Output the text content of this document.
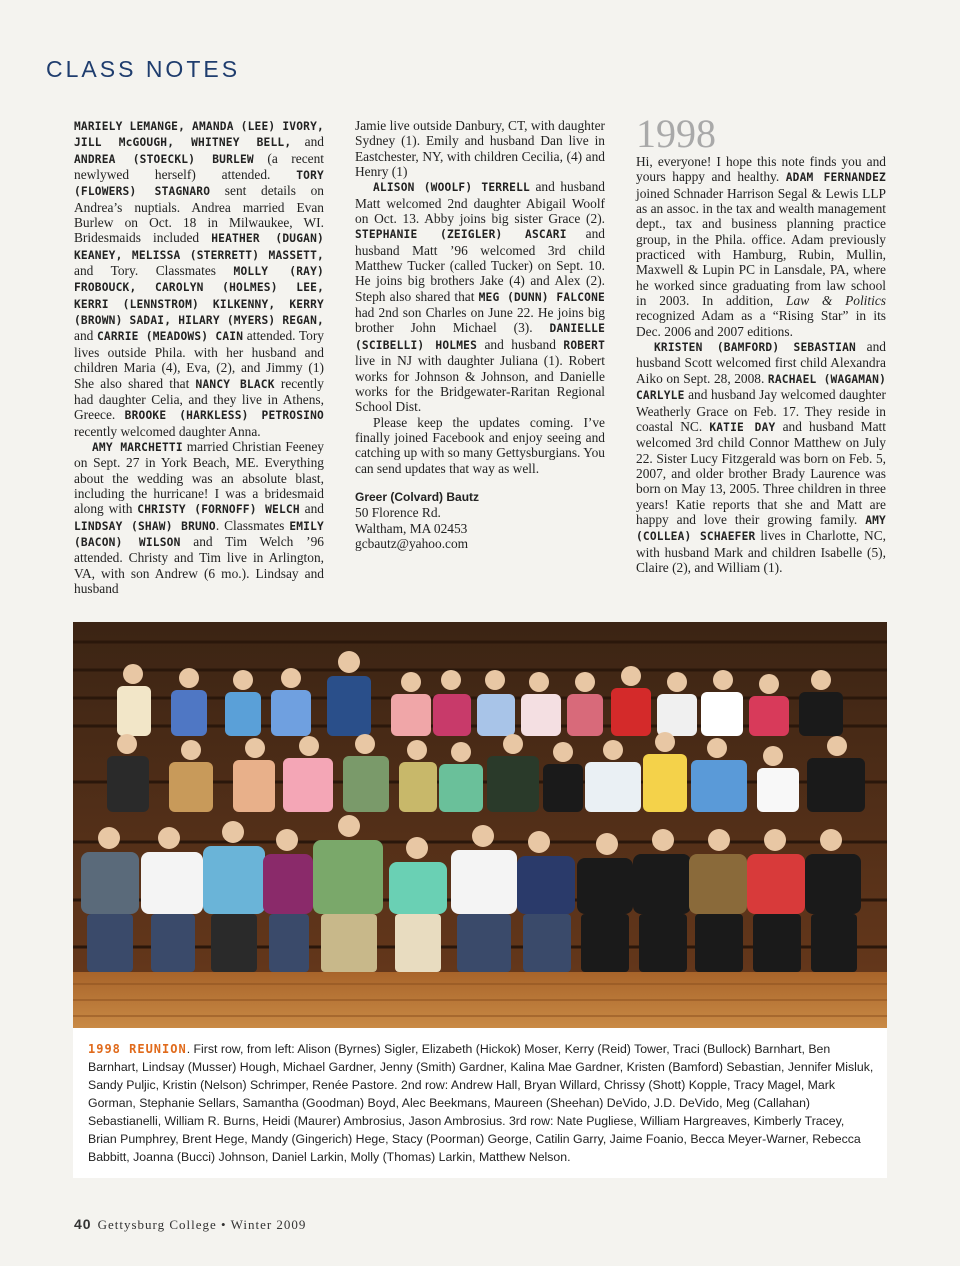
CLASS NOTES

MARIELY LEMANGE, AMANDA (LEE) IVORY, JILL McGOUGH, WHITNEY BELL, and ANDREA (STOECKL) BURLEW (a recent newlywed herself) attended. TORY (FLOWERS) STAGNARO sent details on Andrea’s nuptials. Andrea married Evan Burlew on Oct. 18 in Milwaukee, WI. Bridesmaids included HEATHER (DUGAN) KEANEY, MELISSA (STERRETT) MASSETT, and Tory. Classmates MOLLY (RAY) FROBOUCK, CAROLYN (HOLMES) LEE, KERRI (LENNSTROM) KILKENNY, KERRY (BROWN) SADAI, HILARY (MYERS) REGAN, and CARRIE (MEADOWS) CAIN attended. Tory lives outside Phila. with her husband and children Maria (4), Eva, (2), and Jimmy (1) She also shared that NANCY BLACK recently had daughter Celia, and they live in Athens, Greece. BROOKE (HARKLESS) PETROSINO recently welcomed daughter Anna.

AMY MARCHETTI married Christian Feeney on Sept. 27 in York Beach, ME. Everything about the wedding was an absolute blast, including the hurricane! I was a bridesmaid along with CHRISTY (FORNOFF) WELCH and LINDSAY (SHAW) BRUNO. Classmates EMILY (BACON) WILSON and Tim Welch ’96 attended. Christy and Tim live in Arlington, VA, with son Andrew (6 mo.). Lindsay and husband

Jamie live outside Danbury, CT, with daughter Sydney (1). Emily and husband Dan live in Eastchester, NY, with children Cecilia, (4) and Henry (1)

ALISON (WOOLF) TERRELL and husband Matt welcomed 2nd daughter Abigail Woolf on Oct. 13. Abby joins big sister Grace (2). STEPHANIE (ZEIGLER) ASCARI and husband Matt ’96 welcomed 3rd child Matthew Tucker (called Tucker) on Sept. 10. He joins big brothers Jake (4) and Alex (2). Steph also shared that MEG (DUNN) FALCONE had 2nd son Charles on June 22. He joins big brother John Michael (3). DANIELLE (SCIBELLI) HOLMES and husband ROBERT live in NJ with daughter Juliana (1). Robert works for Johnson & Johnson, and Danielle works for the Bridgewater-Raritan Regional School Dist.

Please keep the updates coming. I’ve finally joined Facebook and enjoy seeing and catching up with so many Gettysburgians. You can send updates that way as well.

Greer (Colvard) Bautz
50 Florence Rd.
Waltham, MA 02453
gcbautz@yahoo.com
1998

Hi, everyone! I hope this note finds you and yours happy and healthy. ADAM FERNANDEZ joined Schnader Harrison Segal & Lewis LLP as an assoc. in the tax and wealth management dept., tax and business planning practice group, in the Phila. office. Adam previously practiced with Hamburg, Rubin, Mullin, Maxwell & Lupin PC in Lansdale, PA, where he worked since graduating from law school in 2003. In addition, Law & Politics recognized Adam as a “Rising Star” in its Dec. 2006 and 2007 editions.

KRISTEN (BAMFORD) SEBASTIAN and husband Scott welcomed first child Alexandra Aiko on Sept. 28, 2008. RACHAEL (WAGAMAN) CARLYLE and husband Jay welcomed daughter Weatherly Grace on Feb. 17. They reside in coastal NC. KATIE DAY and husband Matt welcomed 3rd child Connor Matthew on July 22. Sister Lucy Fitzgerald was born on Feb. 5, 2007, and older brother Brady Laurence was born on May 13, 2005. Three children in three years! Katie reports that she and Matt are happy and love their growing family. AMY (COLLEA) SCHAEFER lives in Charlotte, NC, with husband Mark and children Isabelle (5), Claire (2), and William (1).

1998 REUNION. First row, from left: Alison (Byrnes) Sigler, Elizabeth (Hickok) Moser, Kerry (Reid) Tower, Traci (Bullock) Barnhart, Ben Barnhart, Lindsay (Musser) Hough, Michael Gardner, Jenny (Smith) Gardner, Kalina Mae Gardner, Kristen (Bamford) Sebastian, Jennifer Misluk, Sandy Puljic, Kristin (Nelson) Schrimper, Renée Pastore. 2nd row: Andrew Hall, Bryan Willard, Chrissy (Shott) Kopple, Tracy Magel, Mark Gorman, Stephanie Sellars, Samantha (Goodman) Boyd, Alec Beekmans, Maureen (Sheehan) DeVido, J.D. DeVido, Meg (Callahan) Sebastianelli, William R. Burns, Heidi (Maurer) Ambrosius, Jason Ambrosius. 3rd row: Nate Pugliese, William Hargreaves, Kimberly Tracey, Brian Pumphrey, Brent Hege, Mandy (Gingerich) Hege, Stacy (Poorman) George, Catilin Garry, Jaime Foanio, Becca Meyer-Warner, Rebecca Babbitt, Joanna (Bucci) Johnson, Daniel Larkin, Molly (Thomas) Larkin, Matthew Nelson.
40 Gettysburg College • Winter 2009
